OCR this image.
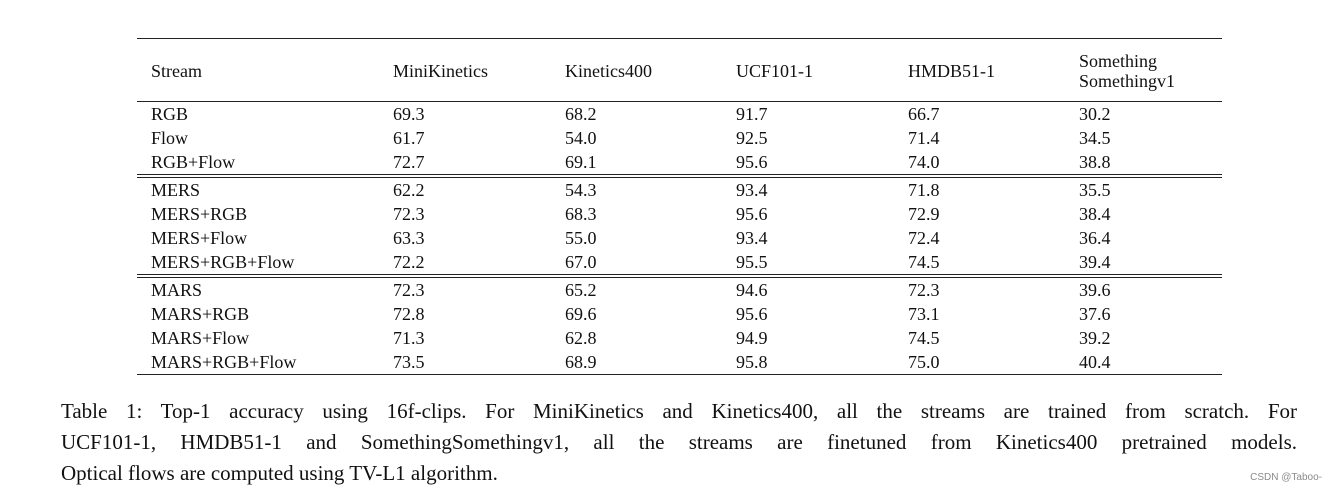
Stream	MiniKinetics	Kinetics400	UCF101-1	HMDB51-1	Something
Somethingv1
RGB	69.3	68.2	91.7	66.7	30.2
Flow	61.7	54.0	92.5	71.4	34.5
RGB+Flow	72.7	69.1	95.6	74.0	38.8
MERS	62.2	54.3	93.4	71.8	35.5
MERS+RGB	72.3	68.3	95.6	72.9	38.4
MERS+Flow	63.3	55.0	93.4	72.4	36.4
MERS+RGB+Flow	72.2	67.0	95.5	74.5	39.4
MARS	72.3	65.2	94.6	72.3	39.6
MARS+RGB	72.8	69.6	95.6	73.1	37.6
MARS+Flow	71.3	62.8	94.9	74.5	39.2
MARS+RGB+Flow	73.5	68.9	95.8	75.0	40.4
Table 1: Top-1 accuracy using 16f-clips. For MiniKinetics and Kinetics400, all the streams are trained from scratch. For
UCF101-1, HMDB51-1 and SomethingSomethingv1, all the streams are finetuned from Kinetics400 pretrained models.
Optical flows are computed using TV-L1 algorithm.	CSDN @Taboo-
